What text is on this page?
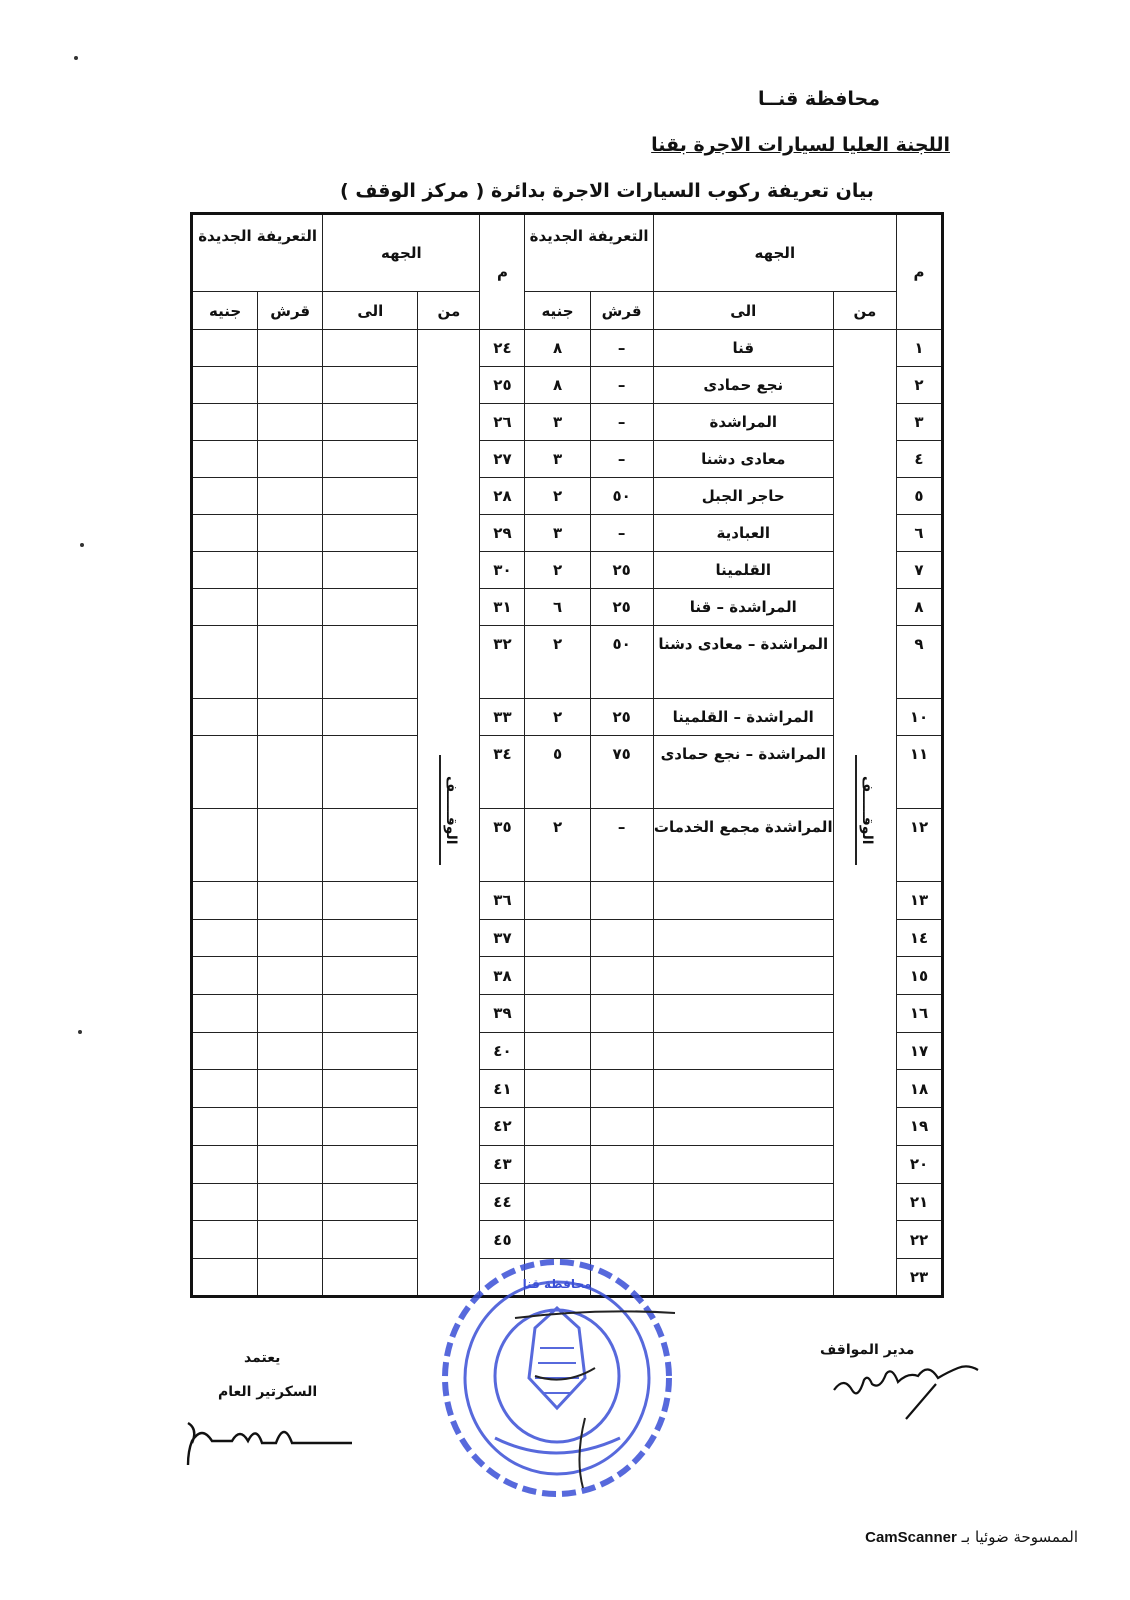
محافظة قنــا
اللجنة العليا لسيارات الاجرة بقنا
بيان تعريفة ركوب السيارات الاجرة بدائرة ( مركز الوقف )
م	الجهه		التعريفة الجديدة		م	الجهه		التعريفة الجديدة	
	من	الى	قرش	جنيه		من	الى	قرش	جنيه
١	الوقـــــف	قنا	–	٨	٢٤	الوقـــــف			
٢		نجع حمادى	–	٨	٢٥				
٣		المراشدة	–	٣	٢٦				
٤		معادى دشنا	–	٣	٢٧				
٥		حاجر الجبل	٥٠	٢	٢٨				
٦		العبادية	–	٣	٢٩				
٧		القلمينا	٢٥	٢	٣٠				
٨		المراشدة – قنا	٢٥	٦	٣١				
٩		المراشدة – معادى دشنا	٥٠	٢	٣٢				
١٠		المراشدة – القلمينا	٢٥	٢	٣٣				
١١		المراشدة – نجع حمادى	٧٥	٥	٣٤				
١٢		المراشدة مجمع الخدمات	–	٢	٣٥				
١٣					٣٦				
١٤					٣٧				
١٥					٣٨				
١٦					٣٩				
١٧					٤٠				
١٨					٤١				
١٩					٤٢				
٢٠					٤٣				
٢١					٤٤				
٢٢					٤٥				
٢٣									
محافظة قنا
مدير المواقف
يعتمد
السكرتير العام
الممسوحة ضوئيا بـ CamScanner
